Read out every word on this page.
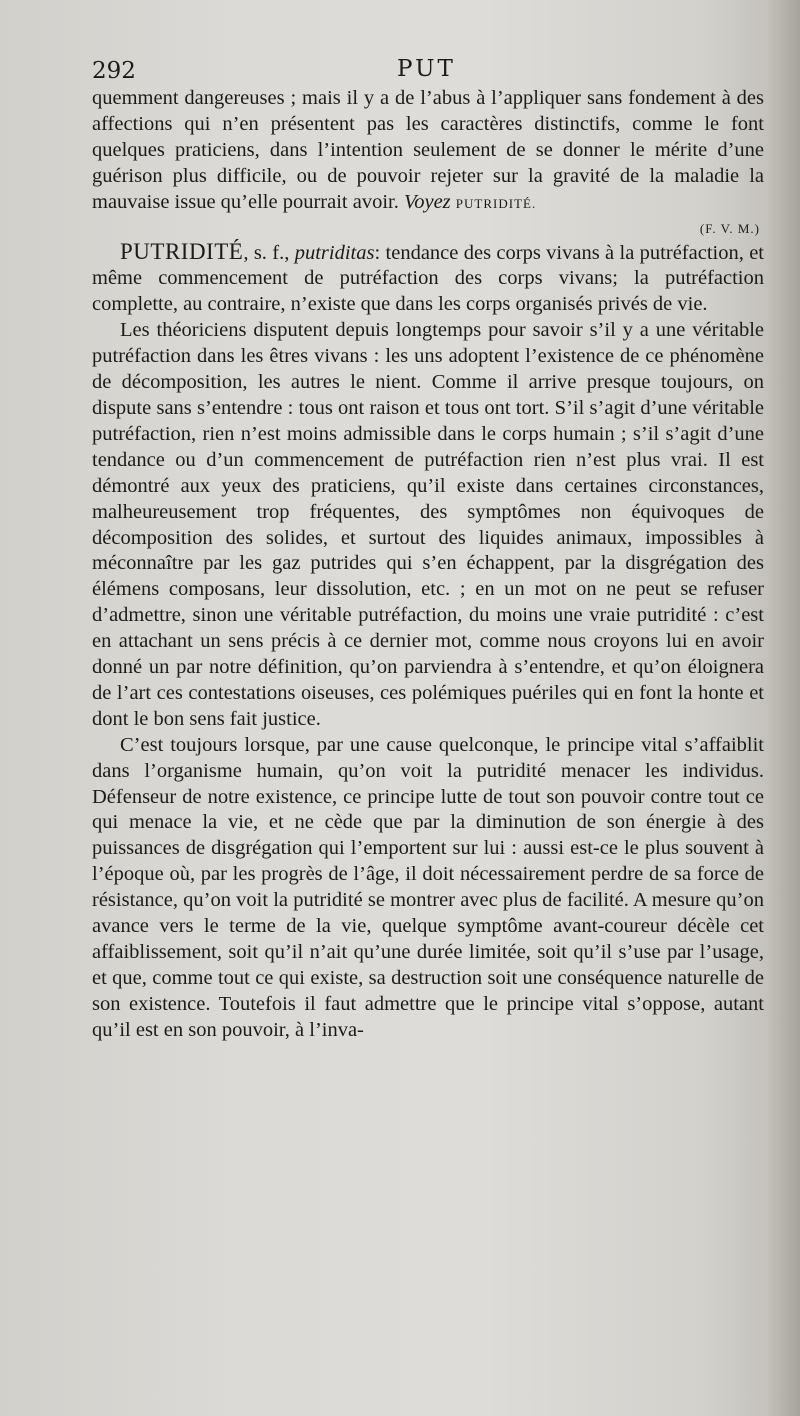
292	PUT

quemment dangereuses ; mais il y a de l’abus à l’appliquer sans fondement à des affections qui n’en présentent pas les caractères distinctifs, comme le font quelques praticiens, dans l’intention seulement de se donner le mérite d’une guérison plus difficile, ou de pouvoir rejeter sur la gravité de la maladie la mauvaise issue qu’elle pourrait avoir. Voyez PUTRIDITÉ.

(F. V. M.)

PUTRIDITÉ, s. f., putriditas: tendance des corps vivans à la putréfaction, et même commencement de putréfaction des corps vivans; la putréfaction complette, au contraire, n’existe que dans les corps organisés privés de vie.

Les théoriciens disputent depuis longtemps pour savoir s’il y a une véritable putréfaction dans les êtres vivans : les uns adoptent l’existence de ce phénomène de décomposition, les autres le nient. Comme il arrive presque toujours, on dispute sans s’entendre : tous ont raison et tous ont tort. S’il s’agit d’une véritable putréfaction, rien n’est moins admissible dans le corps humain ; s’il s’agit d’une tendance ou d’un commencement de putréfaction rien n’est plus vrai. Il est démontré aux yeux des praticiens, qu’il existe dans certaines circonstances, malheureusement trop fréquentes, des symptômes non équivoques de décomposition des solides, et surtout des liquides animaux, impossibles à méconnaître par les gaz putrides qui s’en échappent, par la disgrégation des élémens composans, leur dissolution, etc. ; en un mot on ne peut se refuser d’admettre, sinon une véritable putréfaction, du moins une vraie putridité : c’est en attachant un sens précis à ce dernier mot, comme nous croyons lui en avoir donné un par notre définition, qu’on parviendra à s’entendre, et qu’on éloignera de l’art ces contestations oiseuses, ces polémiques puériles qui en font la honte et dont le bon sens fait justice.

C’est toujours lorsque, par une cause quelconque, le principe vital s’affaiblit dans l’organisme humain, qu’on voit la putridité menacer les individus. Défenseur de notre existence, ce principe lutte de tout son pouvoir contre tout ce qui menace la vie, et ne cède que par la diminution de son énergie à des puissances de disgrégation qui l’emportent sur lui : aussi est-ce le plus souvent à l’époque où, par les progrès de l’âge, il doit nécessairement perdre de sa force de résistance, qu’on voit la putridité se montrer avec plus de facilité. A mesure qu’on avance vers le terme de la vie, quelque symptôme avant-coureur décèle cet affaiblissement, soit qu’il n’ait qu’une durée limitée, soit qu’il s’use par l’usage, et que, comme tout ce qui existe, sa destruction soit une conséquence naturelle de son existence. Toutefois il faut admettre que le principe vital s’oppose, autant qu’il est en son pouvoir, à l’inva-
